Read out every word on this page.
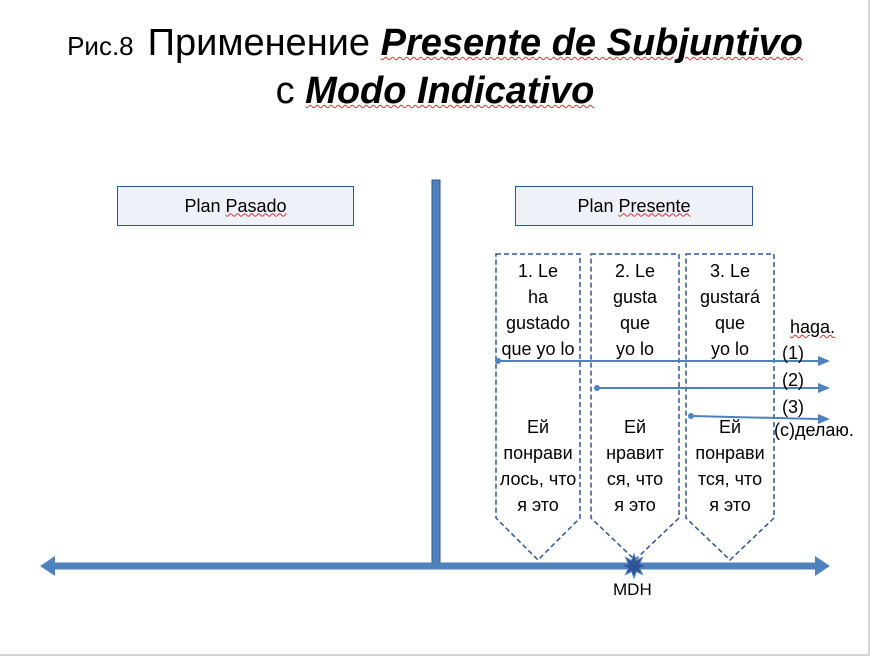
Рис.8 Применение Presente de Subjuntivo
с Modo Indicativo
Plan
Pasado	Plan
Presente
1. Le
ha
gustado
que yo lo
Ей
понрави
лось, что
я это
2. Le
gusta
que
yo lo
Ей
нравит
ся, что
я это
3. Le
gustará
que
yo lo
Ей
понрави
тся, что
я это
haga.
(1)
(2)
(3)
(с)делаю.
MDH
